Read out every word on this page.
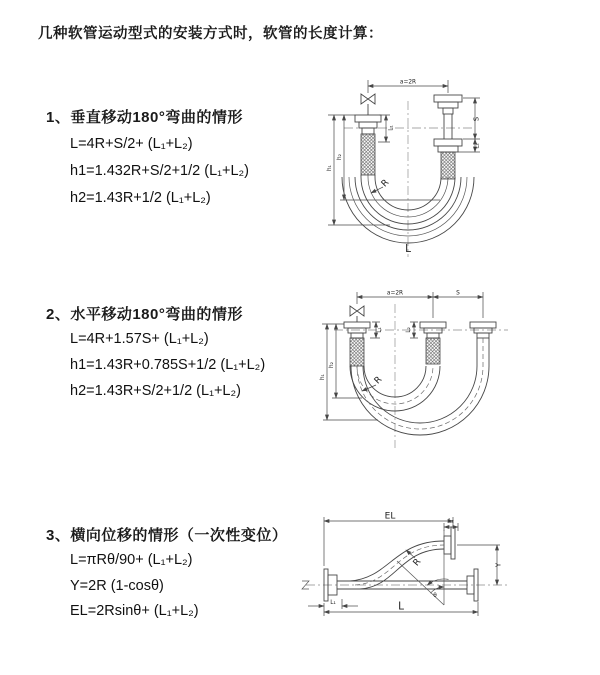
几种软管运动型式的安装方式时，软管的长度计算：
1、垂直移动180°弯曲的情形
L=4R+S/2+ (L₁+L₂)
h1=1.432R+S/2+1/2 (L₁+L₂)
h2=1.43R+1/2 (L₁+L₂)
2、水平移动180°弯曲的情形
L=4R+1.57S+ (L₁+L₂)
h1=1.43R+0.785S+1/2 (L₁+L₂)
h2=1.43R+S/2+1/2 (L₁+L₂)
3、横向位移的情形（一次性变位）
L=πRθ/90+ (L₁+L₂)
Y=2R (1-cosθ)
EL=2Rsinθ+ (L₁+L₂)
a=2R
L₁
S
L₂
h₁
h₂
R
L
a=2R	S
L₁	L₂
h₁
h₂
R
EL	L₂
Y
L
L₁
θ
R
